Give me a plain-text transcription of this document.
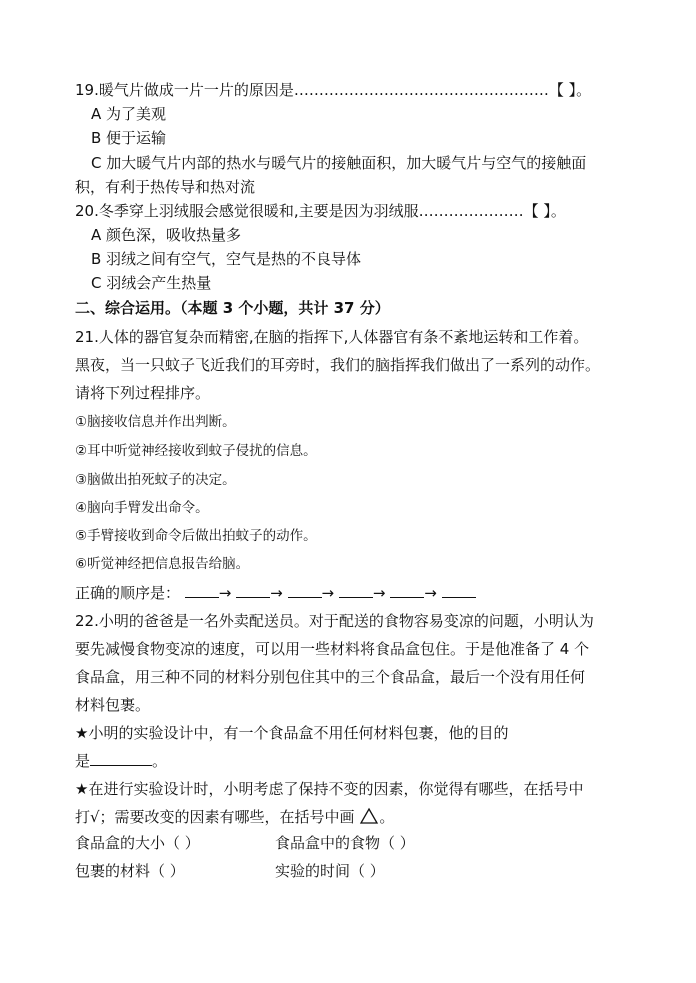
19.暖气片做成一片一片的原因是……………………………………………【 】。
A 为了美观
B 便于运输
C 加大暖气片内部的热水与暖气片的接触面积，加大暖气片与空气的接触面
积，有利于热传导和热对流
20.冬季穿上羽绒服会感觉很暖和,主要是因为羽绒服…………………【 】。
A 颜色深，吸收热量多
B 羽绒之间有空气，空气是热的不良导体
C 羽绒会产生热量
二、综合运用。（本题 3 个小题，共计 37 分）
21.人体的器官复杂而精密,在脑的指挥下,人体器官有条不紊地运转和工作着。
黑夜，当一只蚊子飞近我们的耳旁时，我们的脑指挥我们做出了一系列的动作。
请将下列过程排序。
①脑接收信息并作出判断。
②耳中听觉神经接收到蚊子侵扰的信息。
③脑做出拍死蚊子的决定。
④脑向手臂发出命令。
⑤手臂接收到命令后做出拍蚊子的动作。
⑥听觉神经把信息报告给脑。
正确的顺序是：	→	→	→	→	→
22.小明的爸爸是一名外卖配送员。对于配送的食物容易变凉的问题，小明认为
要先减慢食物变凉的速度，可以用一些材料将食品盒包住。于是他准备了 4 个
食品盒，用三种不同的材料分别包住其中的三个食品盒，最后一个没有用任何
材料包裹。
★小明的实验设计中，有一个食品盒不用任何材料包裹，他的目的
是	。
★在进行实验设计时，小明考虑了保持不变的因素，你觉得有哪些，在括号中
打√；需要改变的因素有哪些，在括号中画 。
食品盒的大小（ ）	食品盒中的食物（ ）
包裹的材料（ ）	实验的时间（ ）
